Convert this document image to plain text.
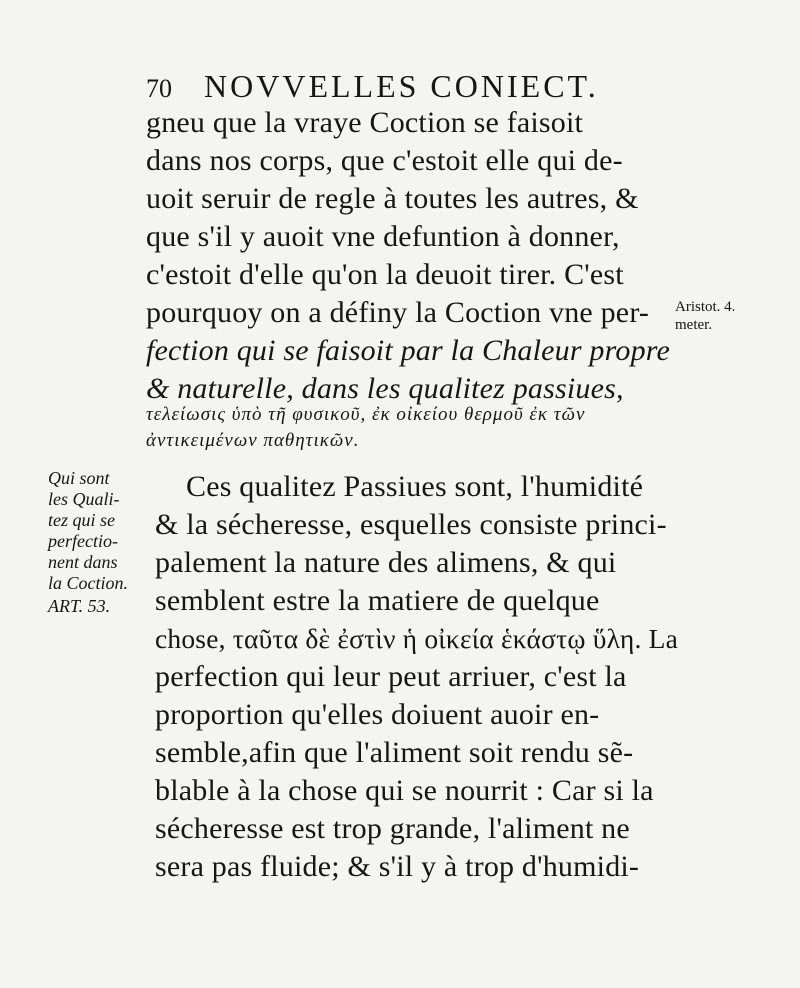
70 NOVVELLES CONIECT.
gneu que la vraye Coction se faisoit
dans nos corps, que c'estoit elle qui de-
uoit seruir de regle à toutes les autres, &
que s'il y auoit vne defuntion à donner,
c'estoit d'elle qu'on la deuoit tirer. C'est
pourquoy on a définy la Coction vne per-
fection qui se faisoit par la Chaleur propre
& naturelle, dans les qualitez passiues,
τελείωσις ὑπὸ τῆ φυσικοῦ, ἐκ οἰκείου θερμοῦ ἐκ τῶν
ἀντικειμένων παθητικῶν.
Aristot. 4.
meter.
Qui sont
les Quali-
tez qui se
perfectio-
nent dans
la Coction.
ART. 53.
Ces qualitez Passiues sont, l'humidité
& la sécheresse, esquelles consiste princi-
palement la nature des alimens, & qui
semblent estre la matiere de quelque
chose, ταῦτα δὲ ἐστὶν ἡ οἰκεία ἑκάστῳ ὕλη. La
perfection qui leur peut arriuer, c'est la
proportion qu'elles doiuent auoir en-
semble,afin que l'aliment soit rendu sẽ-
blable à la chose qui se nourrit : Car si la
sécheresse est trop grande, l'aliment ne
sera pas fluide; & s'il y à trop d'humidi-
